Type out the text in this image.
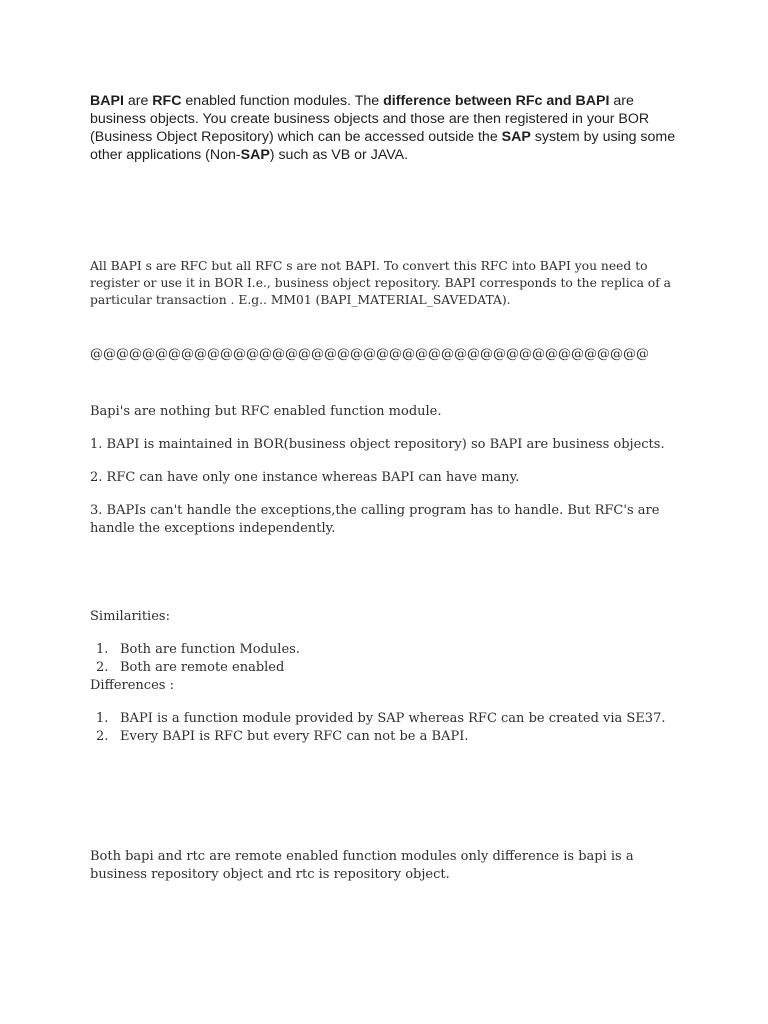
BAPI are RFC enabled function modules. The difference between RFc and BAPI are business objects. You create business objects and those are then registered in your BOR (Business Object Repository) which can be accessed outside the SAP system by using some other applications (Non-SAP) such as VB or JAVA.

All BAPI s are RFC but all RFC s are not BAPI. To convert this RFC into BAPI you need to register or use it in BOR I.e., business object repository. BAPI corresponds to the replica of a particular transaction . E.g.. MM01 (BAPI_MATERIAL_SAVEDATA).

@@@@@@@@@@@@@@@@@@@@@@@@@@@@@@@@@@@@@@@@@@@

Bapi's are nothing but RFC enabled function module.

1. BAPI is maintained in BOR(business object repository) so BAPI are business objects.

2. RFC can have only one instance whereas BAPI can have many.

3. BAPIs can't handle the exceptions,the calling program has to handle. But RFC's are handle the exceptions independently.

Similarities:

1. Both are function Modules.
2. Both are remote enabled

Differences :

1. BAPI is a function module provided by SAP whereas RFC can be created via SE37.
2. Every BAPI is RFC but every RFC can not be a BAPI.

Both bapi and rtc are remote enabled function modules only difference is bapi is a business repository object and rtc is repository object.
